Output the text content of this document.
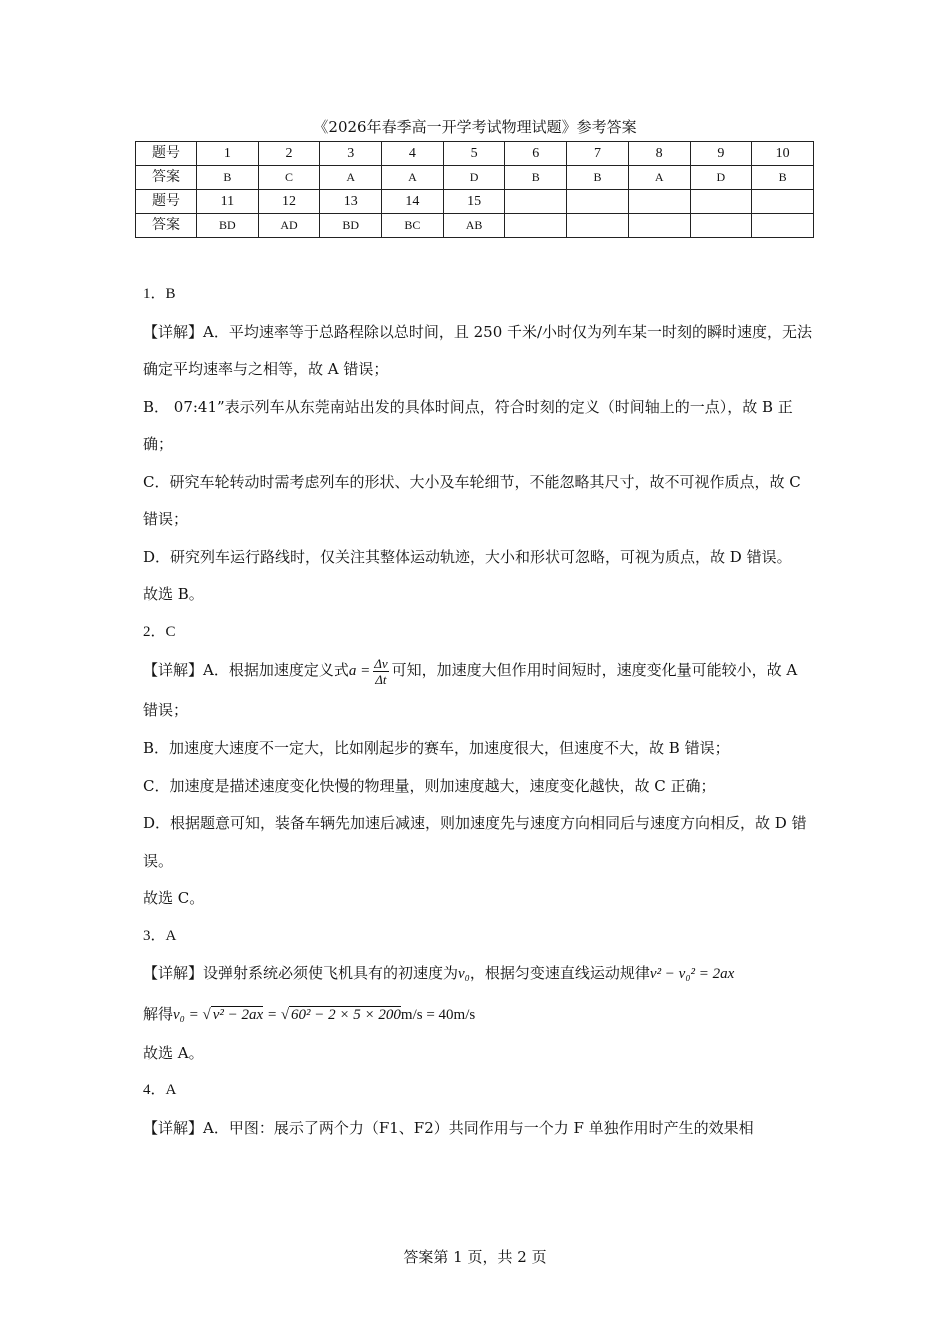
《2026年春季高一开学考试物理试题》参考答案
题号	1	2	3	4	5	6	7	8	9	10
答案	B	C	A	A	D	B	B	A	D	B
题号	11	12	13	14	15					
答案	BD	AD	BD	BC	AB					

1．B

【详解】A．平均速率等于总路程除以总时间，且 250 千米/小时仅为列车某一时刻的瞬时速度，无法确定平均速率与之相等，故 A 错误；

B． 07:41”表示列车从东莞南站出发的具体时间点，符合时刻的定义（时间轴上的一点），故 B 正确；

C．研究车轮转动时需考虑列车的形状、大小及车轮细节，不能忽略其尺寸，故不可视作质点，故 C 错误；

D．研究列车运行路线时，仅关注其整体运动轨迹，大小和形状可忽略，可视为质点，故 D 错误。

故选 B。

2．C

【详解】A．根据加速度定义式$a = \frac{\Delta v}{\Delta t}$ 可知，加速度大但作用时间短时，速度变化量可能较小，故 A 错误；

B．加速度大速度不一定大，比如刚起步的赛车，加速度很大，但速度不大，故 B 错误；

C．加速度是描述速度变化快慢的物理量，则加速度越大，速度变化越快，故 C 正确；

D．根据题意可知，装备车辆先加速后减速，则加速度先与速度方向相同后与速度方向相反，故 D 错误。

故选 C。

3．A

【详解】设弹射系统必须使飞机具有的初速度为v₀，根据匀变速直线运动规律v² − v₀² = 2ax

解得v₀ = √ v² − 2ax = √ 60² − 2 × 5 × 200m/s = 40m/s

故选 A。

4．A

【详解】A．甲图：展示了两个力（F1、F2）共同作用与一个力 F 单独作用时产生的效果相

答案第 1 页，共 2 页
